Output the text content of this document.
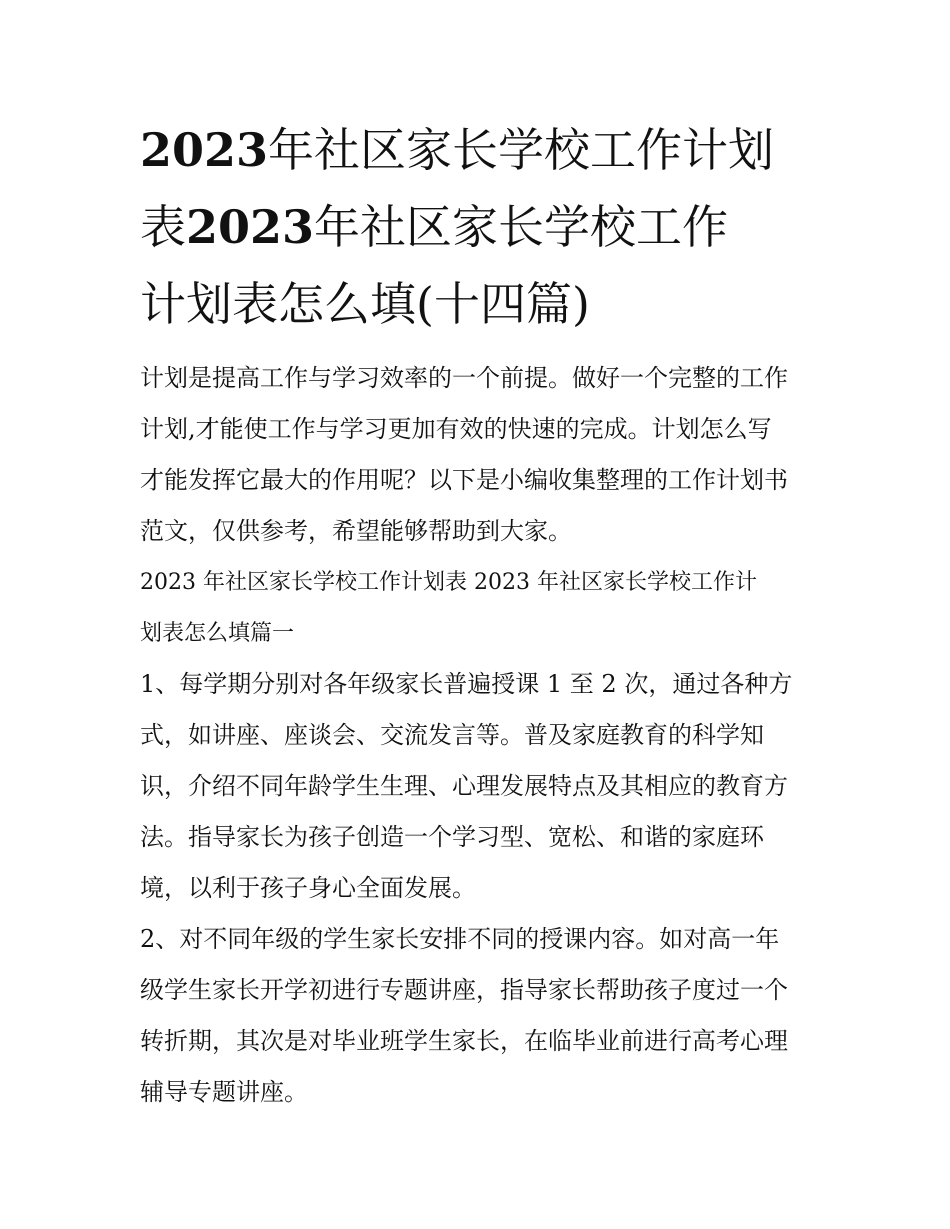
2023年社区家长学校工作计划
表2023年社区家长学校工作
计划表怎么填(十四篇)

计划是提高工作与学习效率的一个前提。做好一个完整的工作
计划,才能使工作与学习更加有效的快速的完成。计划怎么写
才能发挥它最大的作用呢？以下是小编收集整理的工作计划书
范文，仅供参考，希望能够帮助到大家。

2023 年社区家长学校工作计划表 2023 年社区家长学校工作计
划表怎么填篇一

1、每学期分别对各年级家长普遍授课 1 至 2 次，通过各种方
式，如讲座、座谈会、交流发言等。普及家庭教育的科学知
识，介绍不同年龄学生生理、心理发展特点及其相应的教育方
法。指导家长为孩子创造一个学习型、宽松、和谐的家庭环
境，以利于孩子身心全面发展。

2、对不同年级的学生家长安排不同的授课内容。如对高一年
级学生家长开学初进行专题讲座，指导家长帮助孩子度过一个
转折期，其次是对毕业班学生家长，在临毕业前进行高考心理
辅导专题讲座。
